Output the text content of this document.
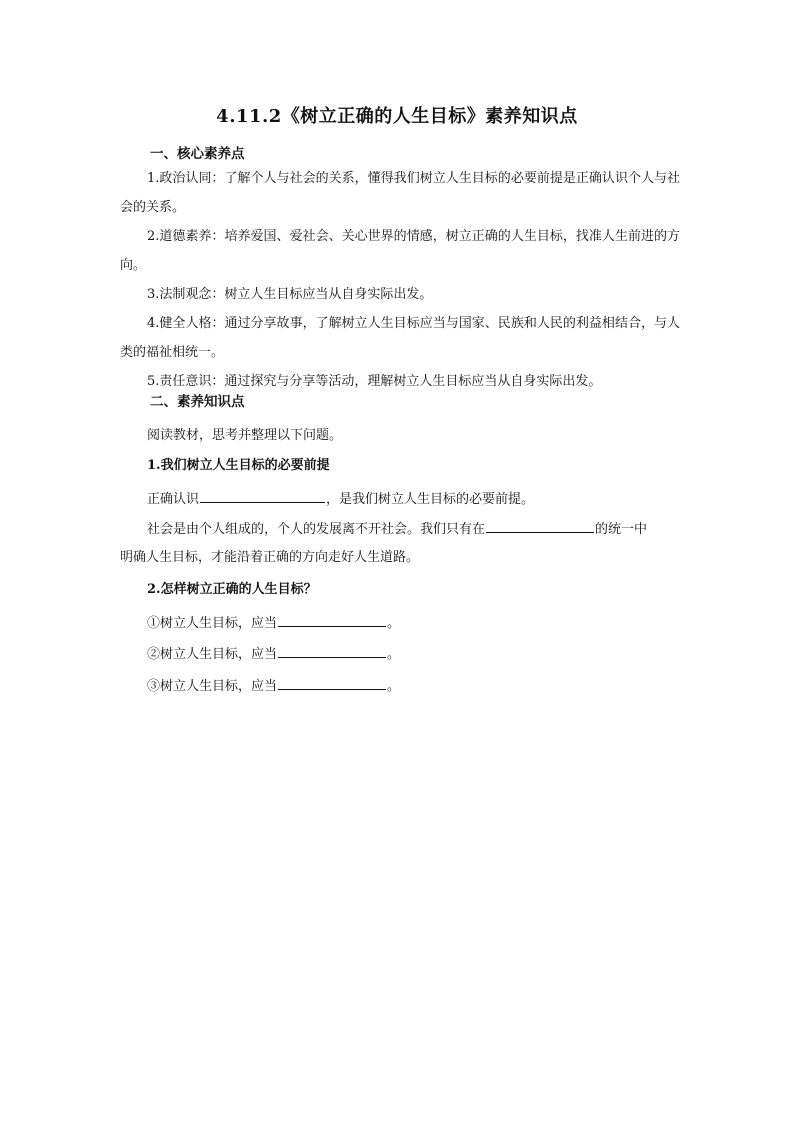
4.11.2《树立正确的人生目标》素养知识点
一、核心素养点

1.政治认同：了解个人与社会的关系，懂得我们树立人生目标的必要前提是正确认识个人与社会的关系。

2.道德素养：培养爱国、爱社会、关心世界的情感，树立正确的人生目标，找准人生前进的方向。

3.法制观念：树立人生目标应当从自身实际出发。

4.健全人格：通过分享故事，了解树立人生目标应当与国家、民族和人民的利益相结合，与人类的福祉相统一。

5.责任意识：通过探究与分享等活动，理解树立人生目标应当从自身实际出发。

二、素养知识点
阅读教材，思考并整理以下问题。
1.我们树立人生目标的必要前提
正确认识	，是我们树立人生目标的必要前提。
社会是由个人组成的，个人的发展离不开社会。我们只有在	的统一中
明确人生目标，才能沿着正确的方向走好人生道路。
2.怎样树立正确的人生目标？
①树立人生目标，应当	。
②树立人生目标，应当	。
③树立人生目标，应当	。
